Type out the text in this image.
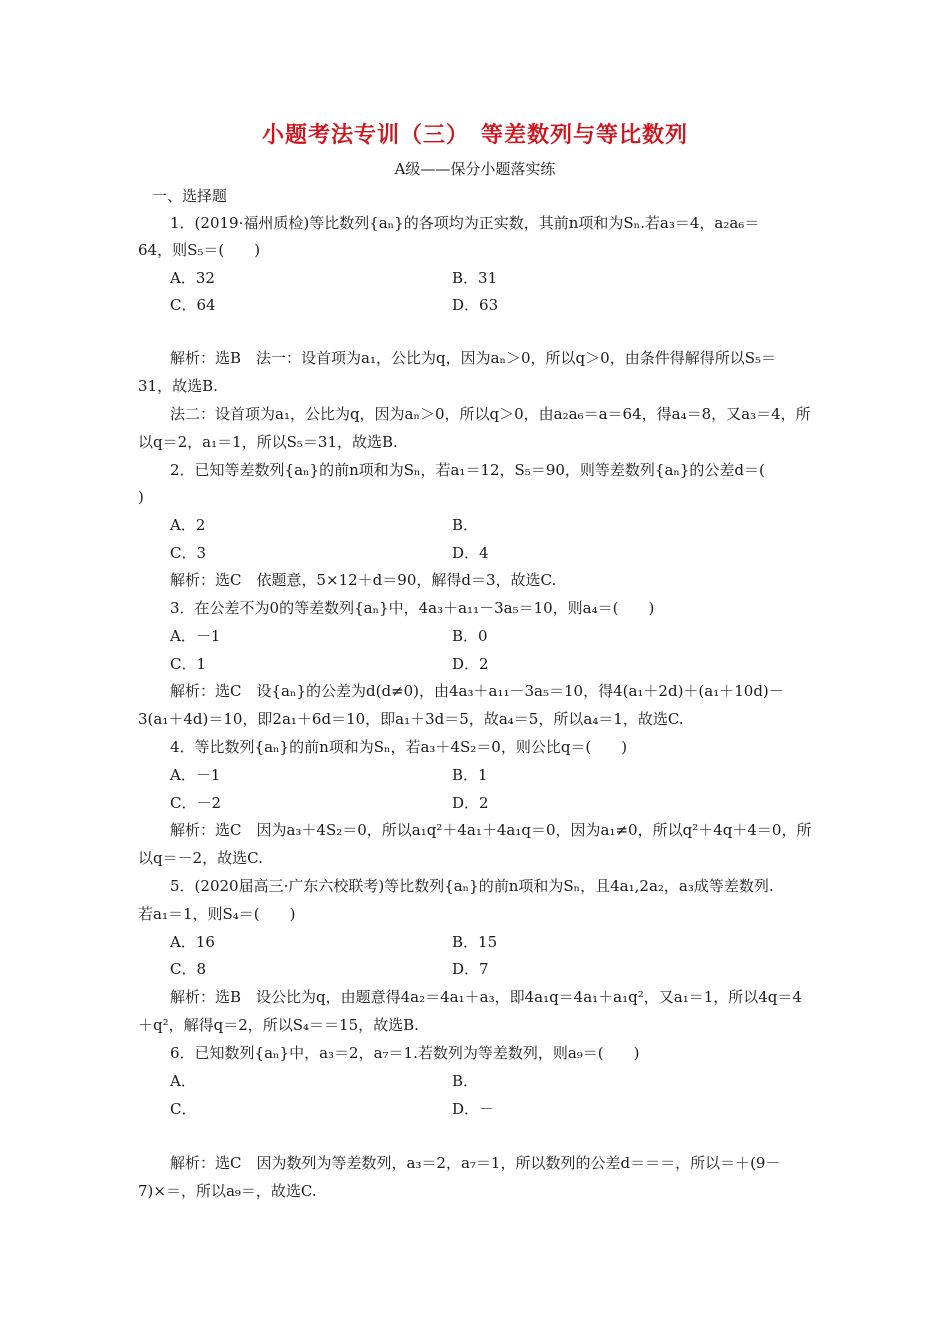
小题考法专训（三）　等差数列与等比数列
A级——保分小题落实练
一、选择题
1．(2019·福州质检)等比数列{aₙ}的各项均为正实数，其前n项和为Sₙ.若a₃＝4，a₂a₆＝
64，则S₅＝(　　)
A．32	B．31
C．64	D．63
解析：选B　法一：设首项为a₁，公比为q，因为aₙ＞0，所以q＞0，由条件得解得所以S₅＝
31，故选B.
法二：设首项为a₁，公比为q，因为aₙ＞0，所以q＞0，由a₂a₆＝a＝64，得a₄＝8，又a₃＝4，所
以q＝2，a₁＝1，所以S₅＝31，故选B.
2．已知等差数列{aₙ}的前n项和为Sₙ，若a₁＝12，S₅＝90，则等差数列{aₙ}的公差d＝(
)
A．2	B．
C．3	D．4
解析：选C　依题意，5×12＋d＝90，解得d＝3，故选C.
3．在公差不为0的等差数列{aₙ}中，4a₃＋a₁₁－3a₅＝10，则a₄＝(　　)
A．－1	B．0
C．1	D．2
解析：选C　设{aₙ}的公差为d(d≠0)，由4a₃＋a₁₁－3a₅＝10，得4(a₁＋2d)＋(a₁＋10d)－
3(a₁＋4d)＝10，即2a₁＋6d＝10，即a₁＋3d＝5，故a₄＝5，所以a₄＝1，故选C.
4．等比数列{aₙ}的前n项和为Sₙ，若a₃＋4S₂＝0，则公比q＝(　　)
A．－1	B．1
C．－2	D．2
解析：选C　因为a₃＋4S₂＝0，所以a₁q²＋4a₁＋4a₁q＝0，因为a₁≠0，所以q²＋4q＋4＝0，所
以q＝－2，故选C.
5．(2020届高三·广东六校联考)等比数列{aₙ}的前n项和为Sₙ，且4a₁,2a₂，a₃成等差数列.
若a₁＝1，则S₄＝(　　)
A．16	B．15
C．8	D．7
解析：选B　设公比为q，由题意得4a₂＝4a₁＋a₃，即4a₁q＝4a₁＋a₁q²，又a₁＝1，所以4q＝4
＋q²，解得q＝2，所以S₄＝＝15，故选B.
6．已知数列{aₙ}中，a₃＝2，a₇＝1.若数列为等差数列，则a₉＝(　　)
A．	B．
C．	D．－
解析：选C　因为数列为等差数列，a₃＝2，a₇＝1，所以数列的公差d＝＝＝，所以＝＋(9－
7)×＝，所以a₉＝，故选C.
